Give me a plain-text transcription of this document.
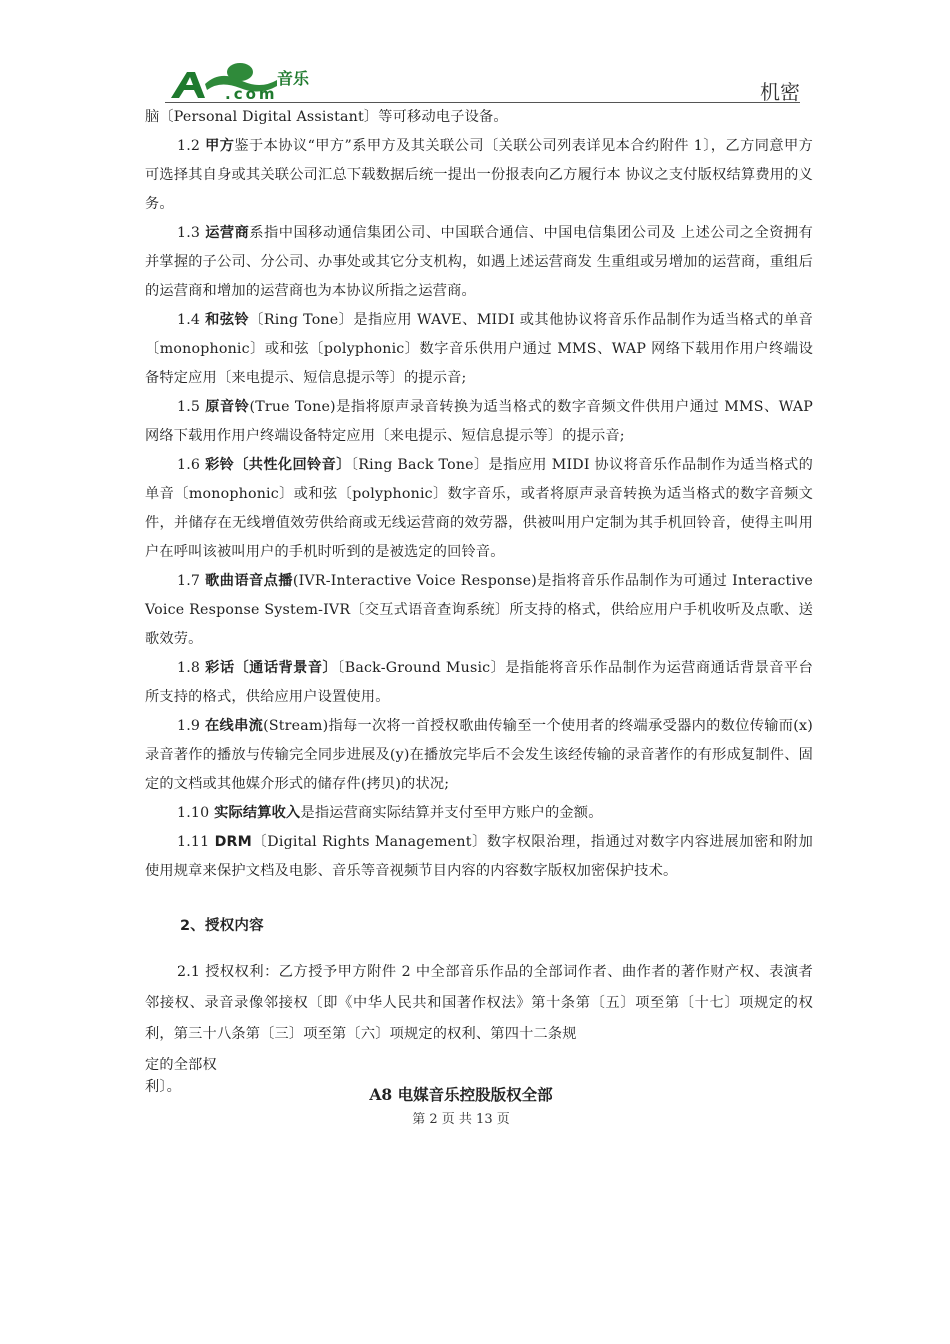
音乐
.com	机密

脑〔Personal Digital Assistant〕等可移动电子设备。

1.2 甲方鉴于本协议“甲方”系甲方及其关联公司〔关联公司列表详见本合约附件 1〕，乙方同意甲方可选择其自身或其关联公司汇总下载数据后统一提出一份报表向乙方履行本 协议之支付版权结算费用的义务。

1.3 运营商系指中国移动通信集团公司、中国联合通信、中国电信集团公司及 上述公司之全资拥有并掌握的子公司、分公司、办事处或其它分支机构，如遇上述运营商发 生重组或另增加的运营商，重组后的运营商和增加的运营商也为本协议所指之运营商。

1.4 和弦铃〔Ring Tone〕是指应用 WAVE、MIDI 或其他协议将音乐作品制作为适当格式的单音〔monophonic〕或和弦〔polyphonic〕数字音乐供用户通过 MMS、WAP 网络下载用作用户终端设备特定应用〔来电提示、短信息提示等〕的提示音;

1.5 原音铃(True Tone)是指将原声录音转换为适当格式的数字音频文件供用户通过 MMS、WAP 网络下载用作用户终端设备特定应用〔来电提示、短信息提示等〕的提示音;

1.6 彩铃〔共性化回铃音〕〔Ring Back Tone〕是指应用 MIDI 协议将音乐作品制作为适当格式的单音〔monophonic〕或和弦〔polyphonic〕数字音乐，或者将原声录音转换为适当格式的数字音频文件，并储存在无线增值效劳供给商或无线运营商的效劳器，供被叫用户定制为其手机回铃音，使得主叫用户在呼叫该被叫用户的手机时听到的是被选定的回铃音。

1.7 歌曲语音点播(IVR-Interactive Voice Response)是指将音乐作品制作为可通过 Interactive Voice Response System-IVR〔交互式语音查询系统〕所支持的格式，供给应用户手机收听及点歌、送歌效劳。

1.8 彩话〔通话背景音〕〔Back-Ground Music〕是指能将音乐作品制作为运营商通话背景音平台所支持的格式，供给应用户设置使用。

1.9 在线串流(Stream)指每一次将一首授权歌曲传输至一个使用者的终端承受器内的数位传输而(x)录音著作的播放与传输完全同步进展及(y)在播放完毕后不会发生该经传输的录音著作的有形成复制件、固定的文档或其他媒介形式的储存件(拷贝)的状况;

1.10 实际结算收入是指运营商实际结算并支付至甲方账户的金额。

1.11 DRM〔Digital Rights Management〕数字权限治理，指通过对数字内容进展加密和附加使用规章来保护文档及电影、音乐等音视频节目内容的内容数字版权加密保护技术。

2、授权内容

2.1 授权权利：乙方授予甲方附件 2 中全部音乐作品的全部词作者、曲作者的著作财产权、表演者邻接权、录音录像邻接权〔即《中华人民共和国著作权法》第十条第〔五〕项至第〔十七〕项规定的权利，第三十八条第〔三〕项至第〔六〕项规定的权利、第四十二条规

定的全部权
利〕。	A8 电媒音乐控股版权全部
第 2 页 共 13 页
